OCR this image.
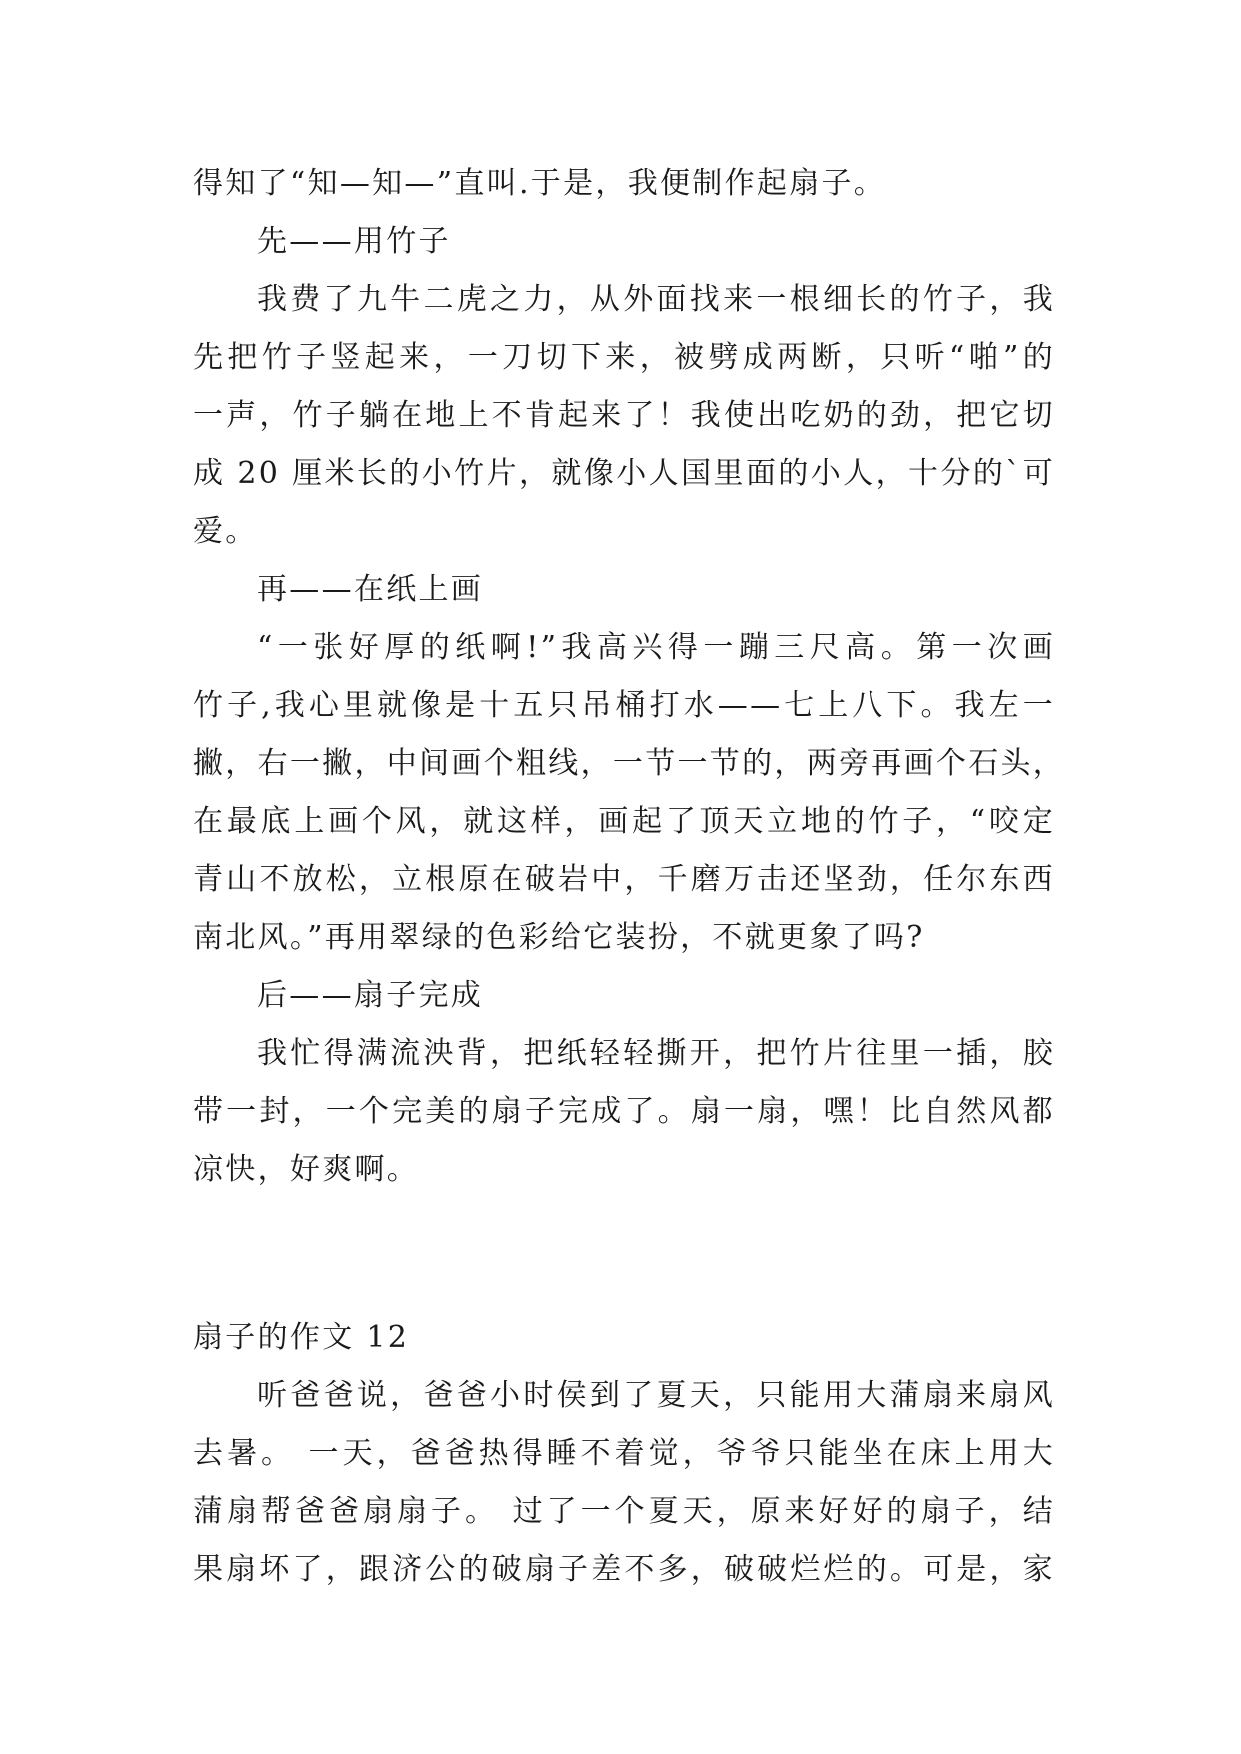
得知了“知—知—”直叫.于是，我便制作起扇子。
先——用竹子
我费了九牛二虎之力，从外面找来一根细长的竹子，我
先把竹子竖起来，一刀切下来，被劈成两断，只听“啪”的
一声，竹子躺在地上不肯起来了！我使出吃奶的劲，把它切
成 20 厘米长的小竹片，就像小人国里面的小人，十分的`可
爱。
再——在纸上画
“一张好厚的纸啊!”我高兴得一蹦三尺高。第一次画
竹子,我心里就像是十五只吊桶打水——七上八下。我左一
撇，右一撇，中间画个粗线，一节一节的，两旁再画个石头，
在最底上画个风，就这样，画起了顶天立地的竹子，“咬定
青山不放松，立根原在破岩中，千磨万击还坚劲，任尔东西
南北风。”再用翠绿的色彩给它装扮，不就更象了吗?
后——扇子完成
我忙得满流泱背，把纸轻轻撕开，把竹片往里一插，胶
带一封，一个完美的扇子完成了。扇一扇，嘿！比自然风都
凉快，好爽啊。
扇子的作文 12
听爸爸说，爸爸小时侯到了夏天，只能用大蒲扇来扇风
去暑。 一天，爸爸热得睡不着觉，爷爷只能坐在床上用大
蒲扇帮爸爸扇扇子。 过了一个夏天，原来好好的扇子，结
果扇坏了，跟济公的破扇子差不多，破破烂烂的。可是，家
